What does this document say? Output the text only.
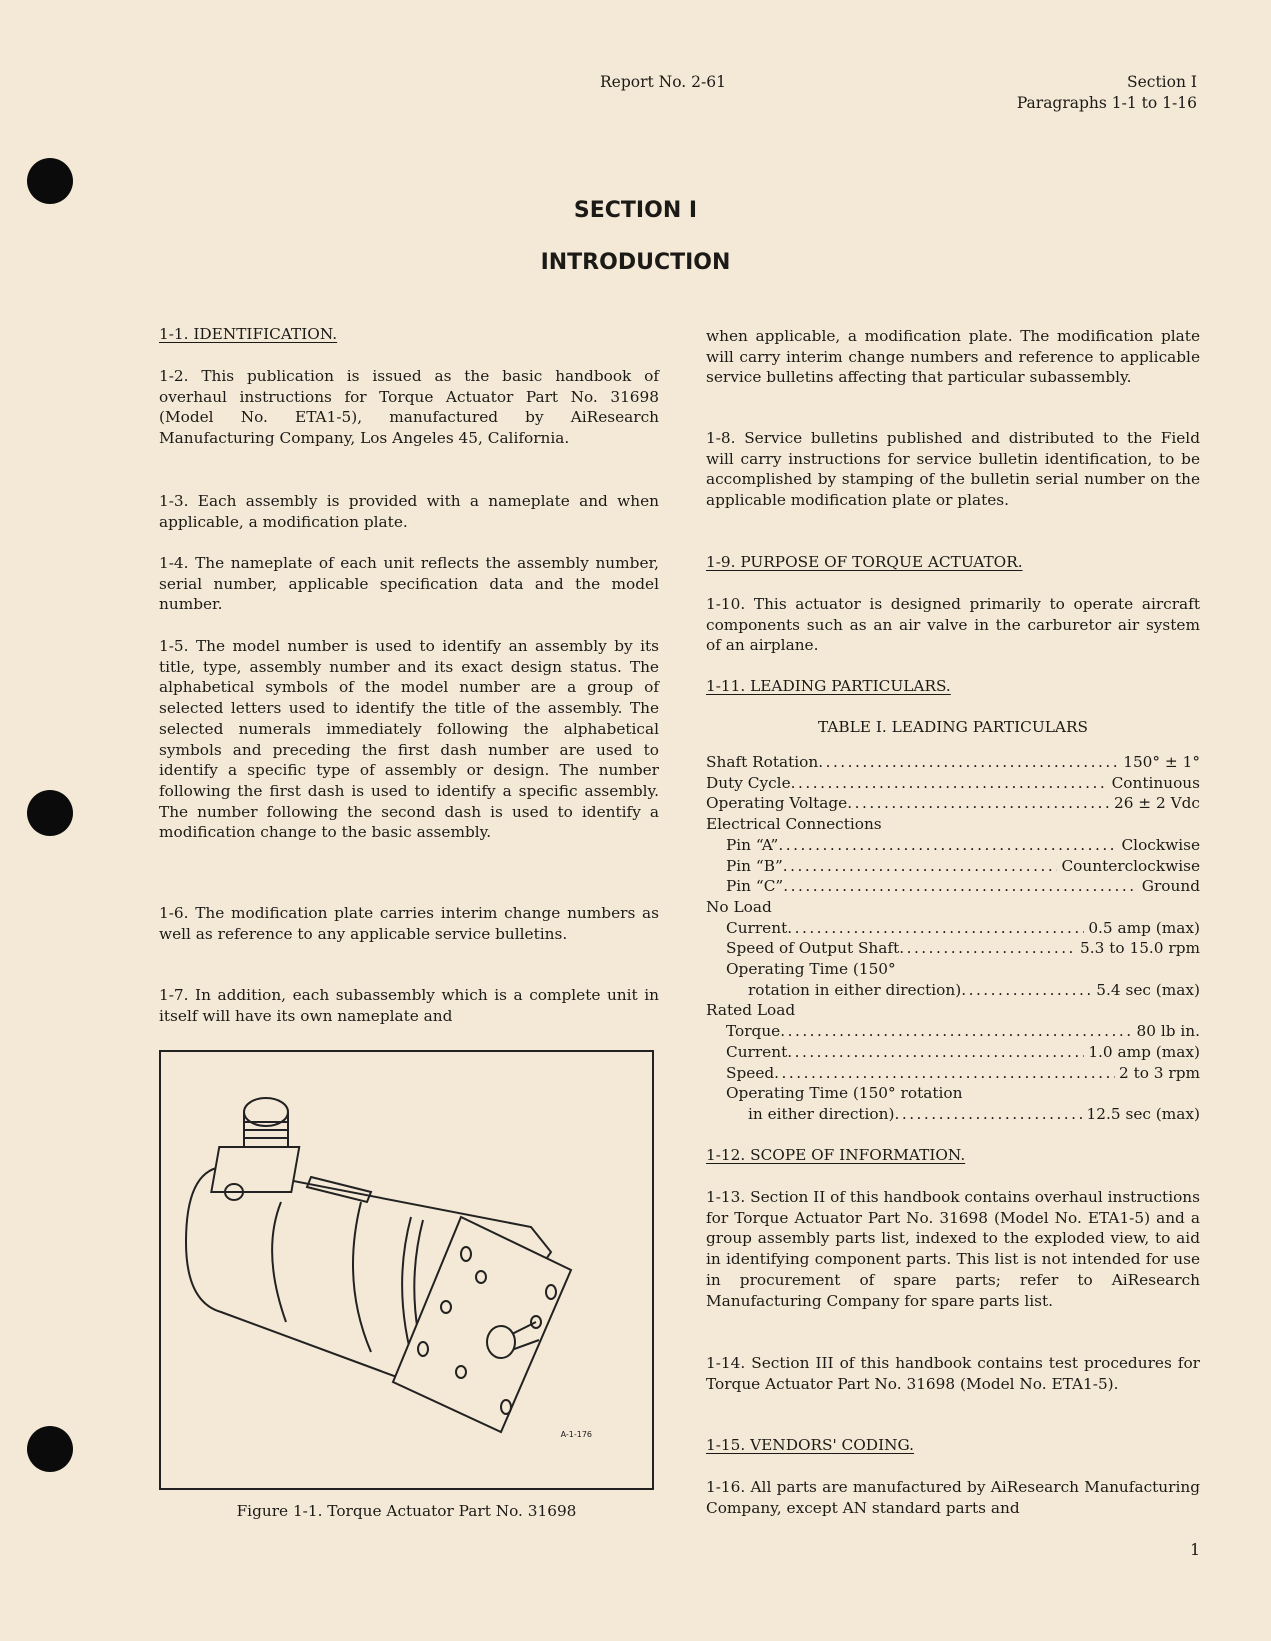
Report No. 2-61	Section I
Paragraphs 1-1 to 1-16
SECTION I
INTRODUCTION
1-1. IDENTIFICATION.
1-2. This publication is issued as the basic handbook of overhaul instructions for Torque Actuator Part No. 31698 (Model No. ETA1-5), manufactured by AiResearch Manufacturing Company, Los Angeles 45, California.
1-3. Each assembly is provided with a nameplate and when applicable, a modification plate.
1-4. The nameplate of each unit reflects the assembly number, serial number, applicable specification data and the model number.
1-5. The model number is used to identify an assembly by its title, type, assembly number and its exact design status. The alphabetical symbols of the model number are a group of selected letters used to identify the title of the assembly. The selected numerals immediately following the alphabetical symbols and preceding the first dash number are used to identify a specific type of assembly or design. The number following the first dash is used to identify a specific assembly. The number following the second dash is used to identify a modification change to the basic assembly.
1-6. The modification plate carries interim change numbers as well as reference to any applicable service bulletins.
1-7. In addition, each subassembly which is a complete unit in itself will have its own nameplate and
A-1-176
Figure 1-1. Torque Actuator Part No. 31698
when applicable, a modification plate. The modification plate will carry interim change numbers and reference to applicable service bulletins affecting that particular subassembly.
1-8. Service bulletins published and distributed to the Field will carry instructions for service bulletin identification, to be accomplished by stamping of the bulletin serial number on the applicable modification plate or plates.
1-9. PURPOSE OF TORQUE ACTUATOR.
1-10. This actuator is designed primarily to operate aircraft components such as an air valve in the carburetor air system of an airplane.
1-11. LEADING PARTICULARS.
TABLE I. LEADING PARTICULARS
Shaft Rotation .....	150° ± 1°
Duty Cycle .....	Continuous
Operating Voltage .....	26 ± 2 Vdc
Electrical Connections
Pin “A” .....	Clockwise
Pin “B” .....	Counterclockwise
Pin “C” .....	Ground
No Load
Current .....	0.5 amp (max)
Speed of Output Shaft .....	5.3 to 15.0 rpm
Operating Time (150°
rotation in either direction) .....	5.4 sec (max)
Rated Load
Torque .....	80 lb in.
Current .....	1.0 amp (max)
Speed .....	2 to 3 rpm
Operating Time (150° rotation
in either direction) .....	12.5 sec (max)
1-12. SCOPE OF INFORMATION.
1-13. Section II of this handbook contains overhaul instructions for Torque Actuator Part No. 31698 (Model No. ETA1-5) and a group assembly parts list, indexed to the exploded view, to aid in identifying component parts. This list is not intended for use in procurement of spare parts; refer to AiResearch Manufacturing Company for spare parts list.
1-14. Section III of this handbook contains test procedures for Torque Actuator Part No. 31698 (Model No. ETA1-5).
1-15. VENDORS' CODING.
1-16. All parts are manufactured by AiResearch Manufacturing Company, except AN standard parts and
1
